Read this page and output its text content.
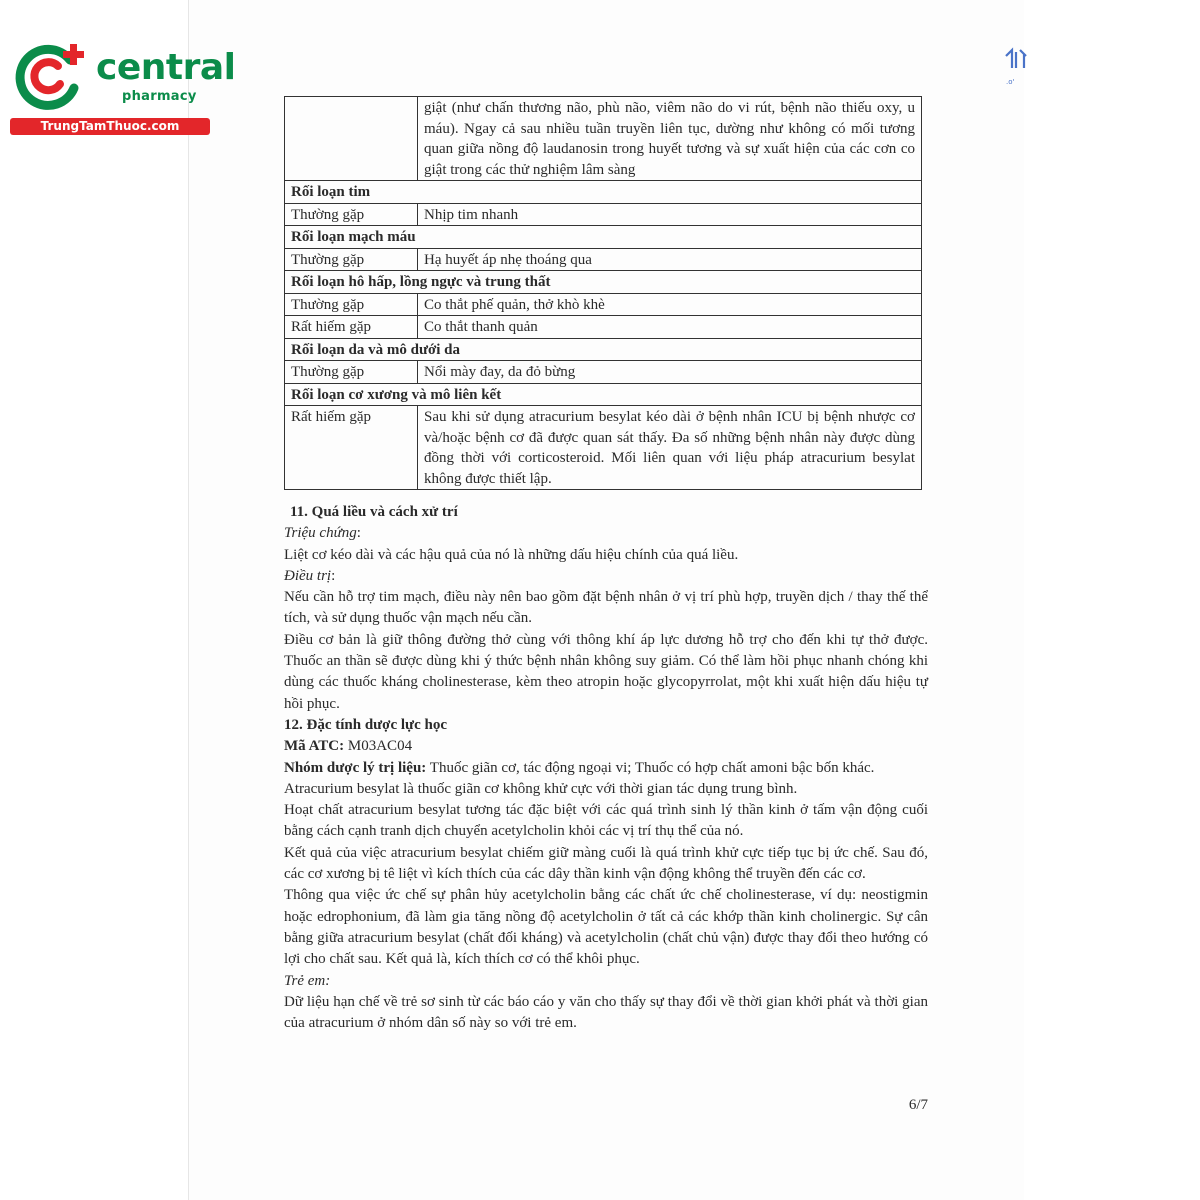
.o'
central
pharmacy
TrungTamThuoc.com
	giật (như chấn thương não, phù não, viêm não do vi rút, bệnh não thiếu oxy, u máu). Ngay cả sau nhiều tuần truyền liên tục, dường như không có mối tương quan giữa nồng độ laudanosin trong huyết tương và sự xuất hiện của các cơn co giật trong các thử nghiệm lâm sàng
Rối loạn tim	
Thường gặp	Nhịp tim nhanh
Rối loạn mạch máu	
Thường gặp	Hạ huyết áp nhẹ thoáng qua
Rối loạn hô hấp, lồng ngực và trung thất	
Thường gặp	Co thắt phế quản, thở khò khè
Rất hiếm gặp	Co thắt thanh quản
Rối loạn da và mô dưới da	
Thường gặp	Nổi mày đay, da đỏ bừng
Rối loạn cơ xương và mô liên kết	
Rất hiếm gặp	Sau khi sử dụng atracurium besylat kéo dài ở bệnh nhân ICU bị bệnh nhược cơ và/hoặc bệnh cơ đã được quan sát thấy. Đa số những bệnh nhân này được dùng đồng thời với corticosteroid. Mối liên quan với liệu pháp atracurium besylat không được thiết lập.

11. Quá liều và cách xử trí

Triệu chứng:

Liệt cơ kéo dài và các hậu quả của nó là những dấu hiệu chính của quá liều.

Điều trị:

Nếu cần hỗ trợ tim mạch, điều này nên bao gồm đặt bệnh nhân ở vị trí phù hợp, truyền dịch / thay thế thể tích, và sử dụng thuốc vận mạch nếu cần.

Điều cơ bản là giữ thông đường thở cùng với thông khí áp lực dương hỗ trợ cho đến khi tự thở được. Thuốc an thần sẽ được dùng khi ý thức bệnh nhân không suy giảm. Có thể làm hồi phục nhanh chóng khi dùng các thuốc kháng cholinesterase, kèm theo atropin hoặc glycopyrrolat, một khi xuất hiện dấu hiệu tự hồi phục.

12. Đặc tính dược lực học

Mã ATC: M03AC04

Nhóm dược lý trị liệu: Thuốc giãn cơ, tác động ngoại vi; Thuốc có hợp chất amoni bậc bốn khác.

Atracurium besylat là thuốc giãn cơ không khử cực với thời gian tác dụng trung bình.

Hoạt chất atracurium besylat tương tác đặc biệt với các quá trình sinh lý thần kinh ở tấm vận động cuối bằng cách cạnh tranh dịch chuyển acetylcholin khỏi các vị trí thụ thể của nó.

Kết quả của việc atracurium besylat chiếm giữ màng cuối là quá trình khử cực tiếp tục bị ức chế. Sau đó, các cơ xương bị tê liệt vì kích thích của các dây thần kinh vận động không thể truyền đến các cơ.

Thông qua việc ức chế sự phân hủy acetylcholin bằng các chất ức chế cholinesterase, ví dụ: neostigmin hoặc edrophonium, đã làm gia tăng nồng độ acetylcholin ở tất cả các khớp thần kinh cholinergic. Sự cân bằng giữa atracurium besylat (chất đối kháng) và acetylcholin (chất chủ vận) được thay đổi theo hướng có lợi cho chất sau. Kết quả là, kích thích cơ có thể khôi phục.

Trẻ em:

Dữ liệu hạn chế về trẻ sơ sinh từ các báo cáo y văn cho thấy sự thay đổi về thời gian khởi phát và thời gian của atracurium ở nhóm dân số này so với trẻ em.

6/7
